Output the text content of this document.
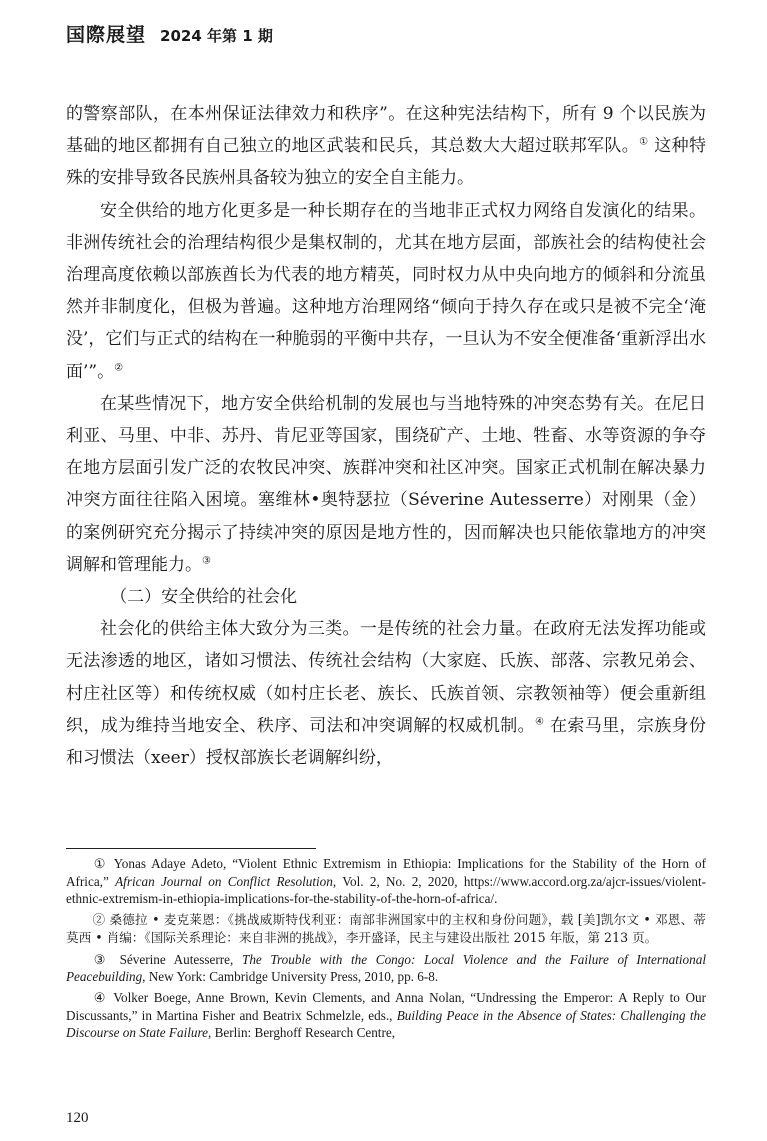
国際展望 2024 年第 1 期

的警察部队，在本州保证法律效力和秩序”。在这种宪法结构下，所有 9 个以民族为基础的地区都拥有自己独立的地区武装和民兵，其总数大大超过联邦军队。① 这种特殊的安排导致各民族州具备较为独立的安全自主能力。

安全供给的地方化更多是一种长期存在的当地非正式权力网络自发演化的结果。非洲传统社会的治理结构很少是集权制的，尤其在地方层面，部族社会的结构使社会治理高度依赖以部族酋长为代表的地方精英，同时权力从中央向地方的倾斜和分流虽然并非制度化，但极为普遍。这种地方治理网络“倾向于持久存在或只是被不完全‘淹没’，它们与正式的结构在一种脆弱的平衡中共存，一旦认为不安全便准备‘重新浮出水面’”。②

在某些情况下，地方安全供给机制的发展也与当地特殊的冲突态势有关。在尼日利亚、马里、中非、苏丹、肯尼亚等国家，围绕矿产、土地、牲畜、水等资源的争夺在地方层面引发广泛的农牧民冲突、族群冲突和社区冲突。国家正式机制在解决暴力冲突方面往往陷入困境。塞维林•奥特瑟拉（Séverine Autesserre）对刚果（金）的案例研究充分揭示了持续冲突的原因是地方性的，因而解决也只能依靠地方的冲突调解和管理能力。③

（二）安全供给的社会化

社会化的供给主体大致分为三类。一是传统的社会力量。在政府无法发挥功能或无法渗透的地区，诸如习惯法、传统社会结构（大家庭、氏族、部落、宗教兄弟会、村庄社区等）和传统权威（如村庄长老、族长、氏族首领、宗教领袖等）便会重新组织，成为维持当地安全、秩序、司法和冲突调解的权威机制。④ 在索马里，宗族身份和习惯法（xeer）授权部族长老调解纠纷，

① Yonas Adaye Adeto, “Violent Ethnic Extremism in Ethiopia: Implications for the Stability of the Horn of Africa,” African Journal on Conflict Resolution, Vol. 2, No. 2, 2020, https://www.accord.org.za/ajcr-issues/violent-ethnic-extremism-in-ethiopia-implications-for-the-stability-of-the-horn-of-africa/.

② 桑德拉 • 麦克莱恩：《挑战威斯特伐利亚：南部非洲国家中的主权和身份问题》，载 [美]凯尔文 • 邓恩、蒂莫西 • 肖编：《国际关系理论：来自非洲的挑战》，李开盛译，民主与建设出版社 2015 年版，第 213 页。

③ Séverine Autesserre, The Trouble with the Congo: Local Violence and the Failure of International Peacebuilding, New York: Cambridge University Press, 2010, pp. 6-8.

④ Volker Boege, Anne Brown, Kevin Clements, and Anna Nolan, “Undressing the Emperor: A Reply to Our Discussants,” in Martina Fisher and Beatrix Schmelzle, eds., Building Peace in the Absence of States: Challenging the Discourse on State Failure, Berlin: Berghoff Research Centre,

120
